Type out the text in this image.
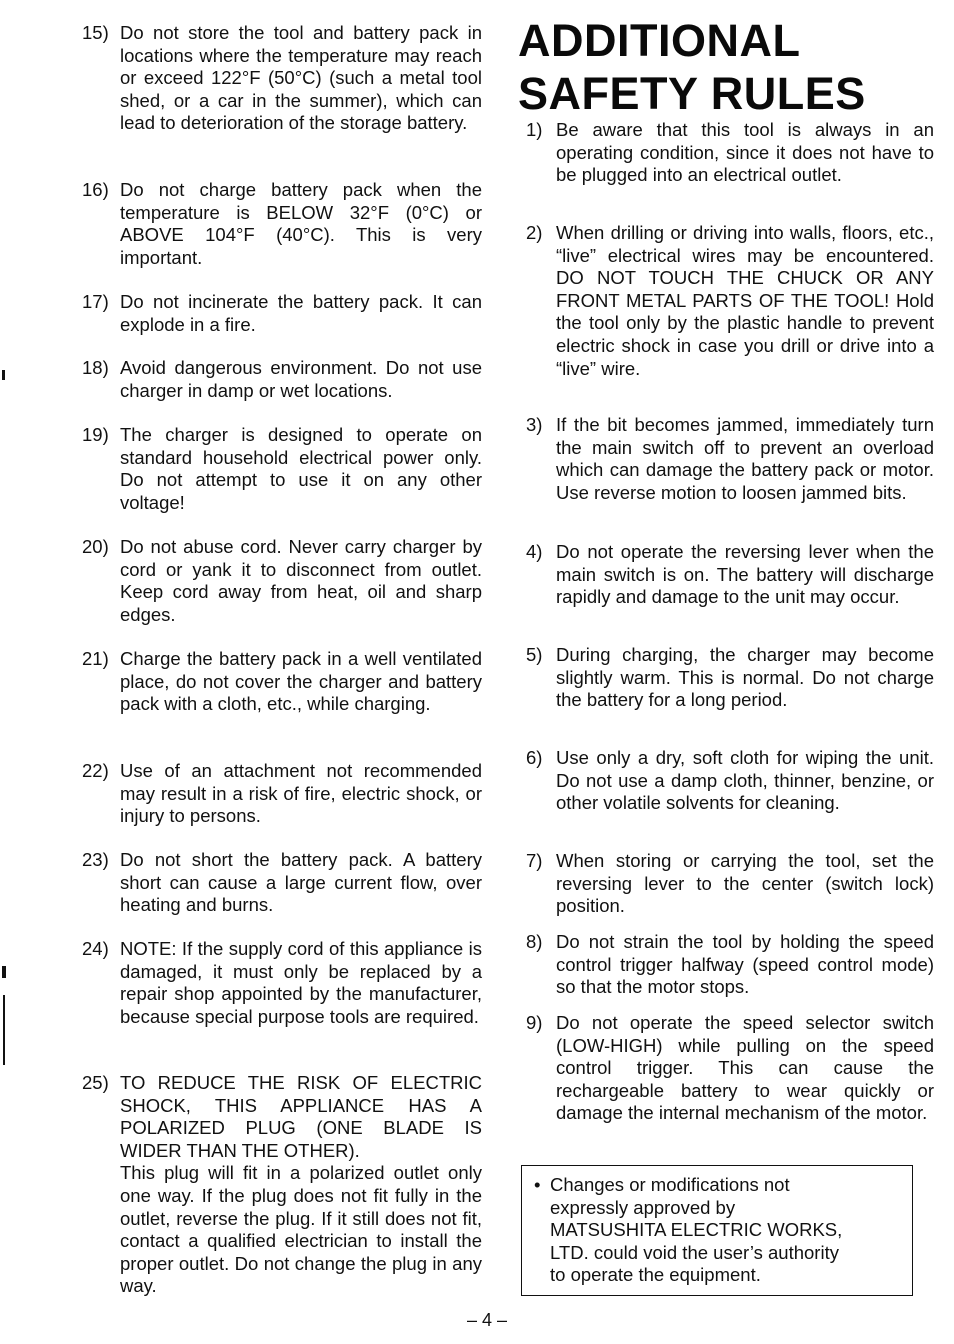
15) Do not store the tool and battery pack in locations where the temperature may reach or exceed 122°F (50°C) (such a metal tool shed, or a car in the summer), which can lead to deterioration of the storage battery.
16) Do not charge battery pack when the temperature is BELOW 32°F (0°C) or ABOVE 104°F (40°C). This is very important.
17) Do not incinerate the battery pack. It can explode in a fire.
18) Avoid dangerous environment. Do not use charger in damp or wet locations.
19) The charger is designed to operate on standard household electrical power only. Do not attempt to use it on any other voltage!
20) Do not abuse cord. Never carry charger by cord or yank it to disconnect from outlet. Keep cord away from heat, oil and sharp edges.
21) Charge the battery pack in a well ventilated place, do not cover the charger and battery pack with a cloth, etc., while charging.
22) Use of an attachment not recommended may result in a risk of fire, electric shock, or injury to persons.
23) Do not short the battery pack. A battery short can cause a large current flow, over heating and burns.
24) NOTE: If the supply cord of this appliance is damaged, it must only be replaced by a repair shop appointed by the manufacturer, because special purpose tools are required.
25) TO REDUCE THE RISK OF ELECTRIC SHOCK, THIS APPLIANCE HAS A POLARIZED PLUG (ONE BLADE IS WIDER THAN THE OTHER).
This plug will fit in a polarized outlet only one way. If the plug does not fit fully in the outlet, reverse the plug. If it still does not fit, contact a qualified electrician to install the proper outlet. Do not change the plug in any way.
ADDITIONAL
SAFETY RULES
1) Be aware that this tool is always in an operating condition, since it does not have to be plugged into an electrical outlet.
2) When drilling or driving into walls, floors, etc., “live” electrical wires may be encountered. DO NOT TOUCH THE CHUCK OR ANY FRONT METAL PARTS OF THE TOOL! Hold the tool only by the plastic handle to prevent electric shock in case you drill or drive into a “live” wire.
3) If the bit becomes jammed, immediately turn the main switch off to prevent an overload which can damage the battery pack or motor. Use reverse motion to loosen jammed bits.
4) Do not operate the reversing lever when the main switch is on. The battery will discharge rapidly and damage to the unit may occur.
5) During charging, the charger may become slightly warm. This is normal. Do not charge the battery for a long period.
6) Use only a dry, soft cloth for wiping the unit. Do not use a damp cloth, thinner, benzine, or other volatile solvents for cleaning.
7) When storing or carrying the tool, set the reversing lever to the center (switch lock) position.
8) Do not strain the tool by holding the speed control trigger halfway (speed control mode) so that the motor stops.
9) Do not operate the speed selector switch (LOW-HIGH) while pulling on the speed control trigger. This can cause the rechargeable battery to wear quickly or damage the internal mechanism of the motor.
• Changes or modifications not
expressly approved by
MATSUSHITA ELECTRIC WORKS,
LTD. could void the user’s authority
to operate the equipment.
– 4 –
